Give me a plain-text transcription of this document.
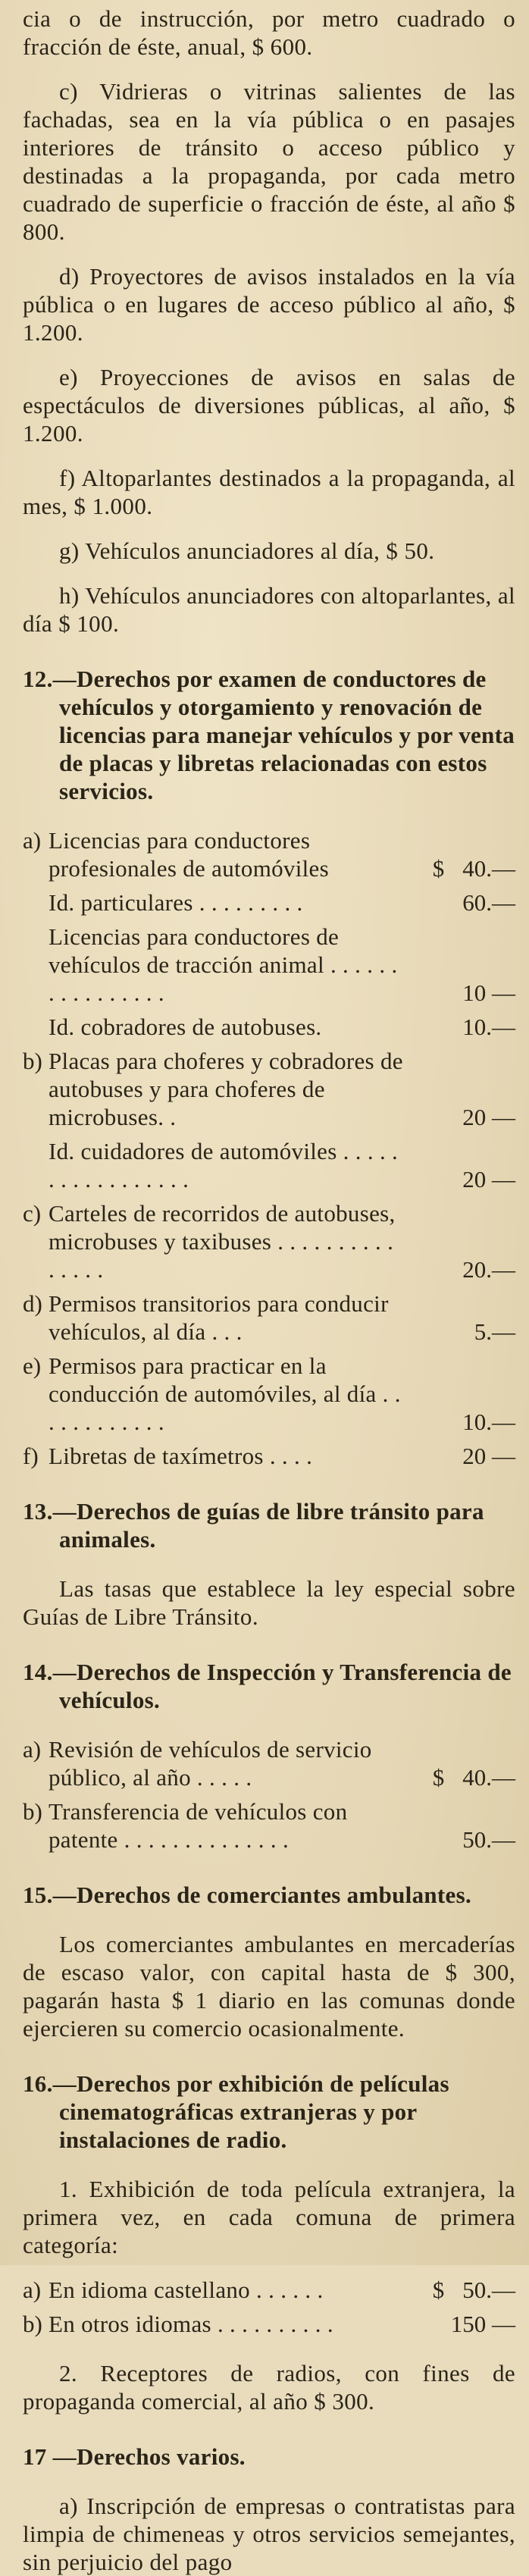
cia o de instrucción, por metro cuadrado o fracción de éste, anual, $ 600.

c) Vidrieras o vitrinas salientes de las fachadas, sea en la vía pública o en pasajes interiores de tránsito o acceso público y destinadas a la propaganda, por cada metro cuadrado de superficie o fracción de éste, al año $ 800.

d) Proyectores de avisos instalados en la vía pública o en lugares de acceso público al año, $ 1.200.

e) Proyecciones de avisos en salas de espectáculos de diversiones públicas, al año, $ 1.200.

f) Altoparlantes destinados a la propaganda, al mes, $ 1.000.

g) Vehículos anunciadores al día, $ 50.

h) Vehículos anunciadores con altoparlantes, al día $ 100.

12.—Derechos por examen de conductores de vehículos y otorgamiento y renovación de licencias para manejar vehículos y por venta de placas y libretas relacionadas con estos servicios.
a) Licencias para conductores profesionales de automóviles	$ 40.—
Id. particulares . . . . . . . . .	60.—
Licencias para conductores de vehículos de tracción animal . . . . . . . . . . . . . . . .	10 —
Id. cobradores de autobuses.	10.—
b) Placas para choferes y cobradores de autobuses y para choferes de microbuses. .	20 —
Id. cuidadores de automóviles . . . . . . . . . . . . . . . . .	20 —
c) Carteles de recorridos de autobuses, microbuses y taxibuses . . . . . . . . . . . . . . .	20.—
d) Permisos transitorios para conducir vehículos, al día . . .	5.—
e) Permisos para practicar en la conducción de automóviles, al día . . . . . . . . . . . .	10.—
f) Libretas de taxímetros . . . .	20 —
13.—Derechos de guías de libre tránsito para animales.

Las tasas que establece la ley especial sobre Guías de Libre Tránsito.

14.—Derechos de Inspección y Transferencia de vehículos.
a) Revisión de vehículos de servicio público, al año . . . . .	$ 40.—
b) Transferencia de vehículos con patente . . . . . . . . . . . . . .	50.—
15.—Derechos de comerciantes ambulantes.

Los comerciantes ambulantes en mercaderías de escaso valor, con capital hasta de $ 300, pagarán hasta $ 1 diario en las comunas donde ejercieren su comercio ocasionalmente.

16.—Derechos por exhibición de películas cinematográficas extranjeras y por instalaciones de radio.

1. Exhibición de toda película extranjera, la primera vez, en cada comuna de primera categoría:

a) En idioma castellano . . . . . .	$ 50.—
b) En otros idiomas . . . . . . . . . .	150 —

2. Receptores de radios, con fines de propaganda comercial, al año $ 300.

17 —Derechos varios.

a) Inscripción de empresas o contratistas para limpia de chimeneas y otros servicios semejantes, sin perjuicio del pago
